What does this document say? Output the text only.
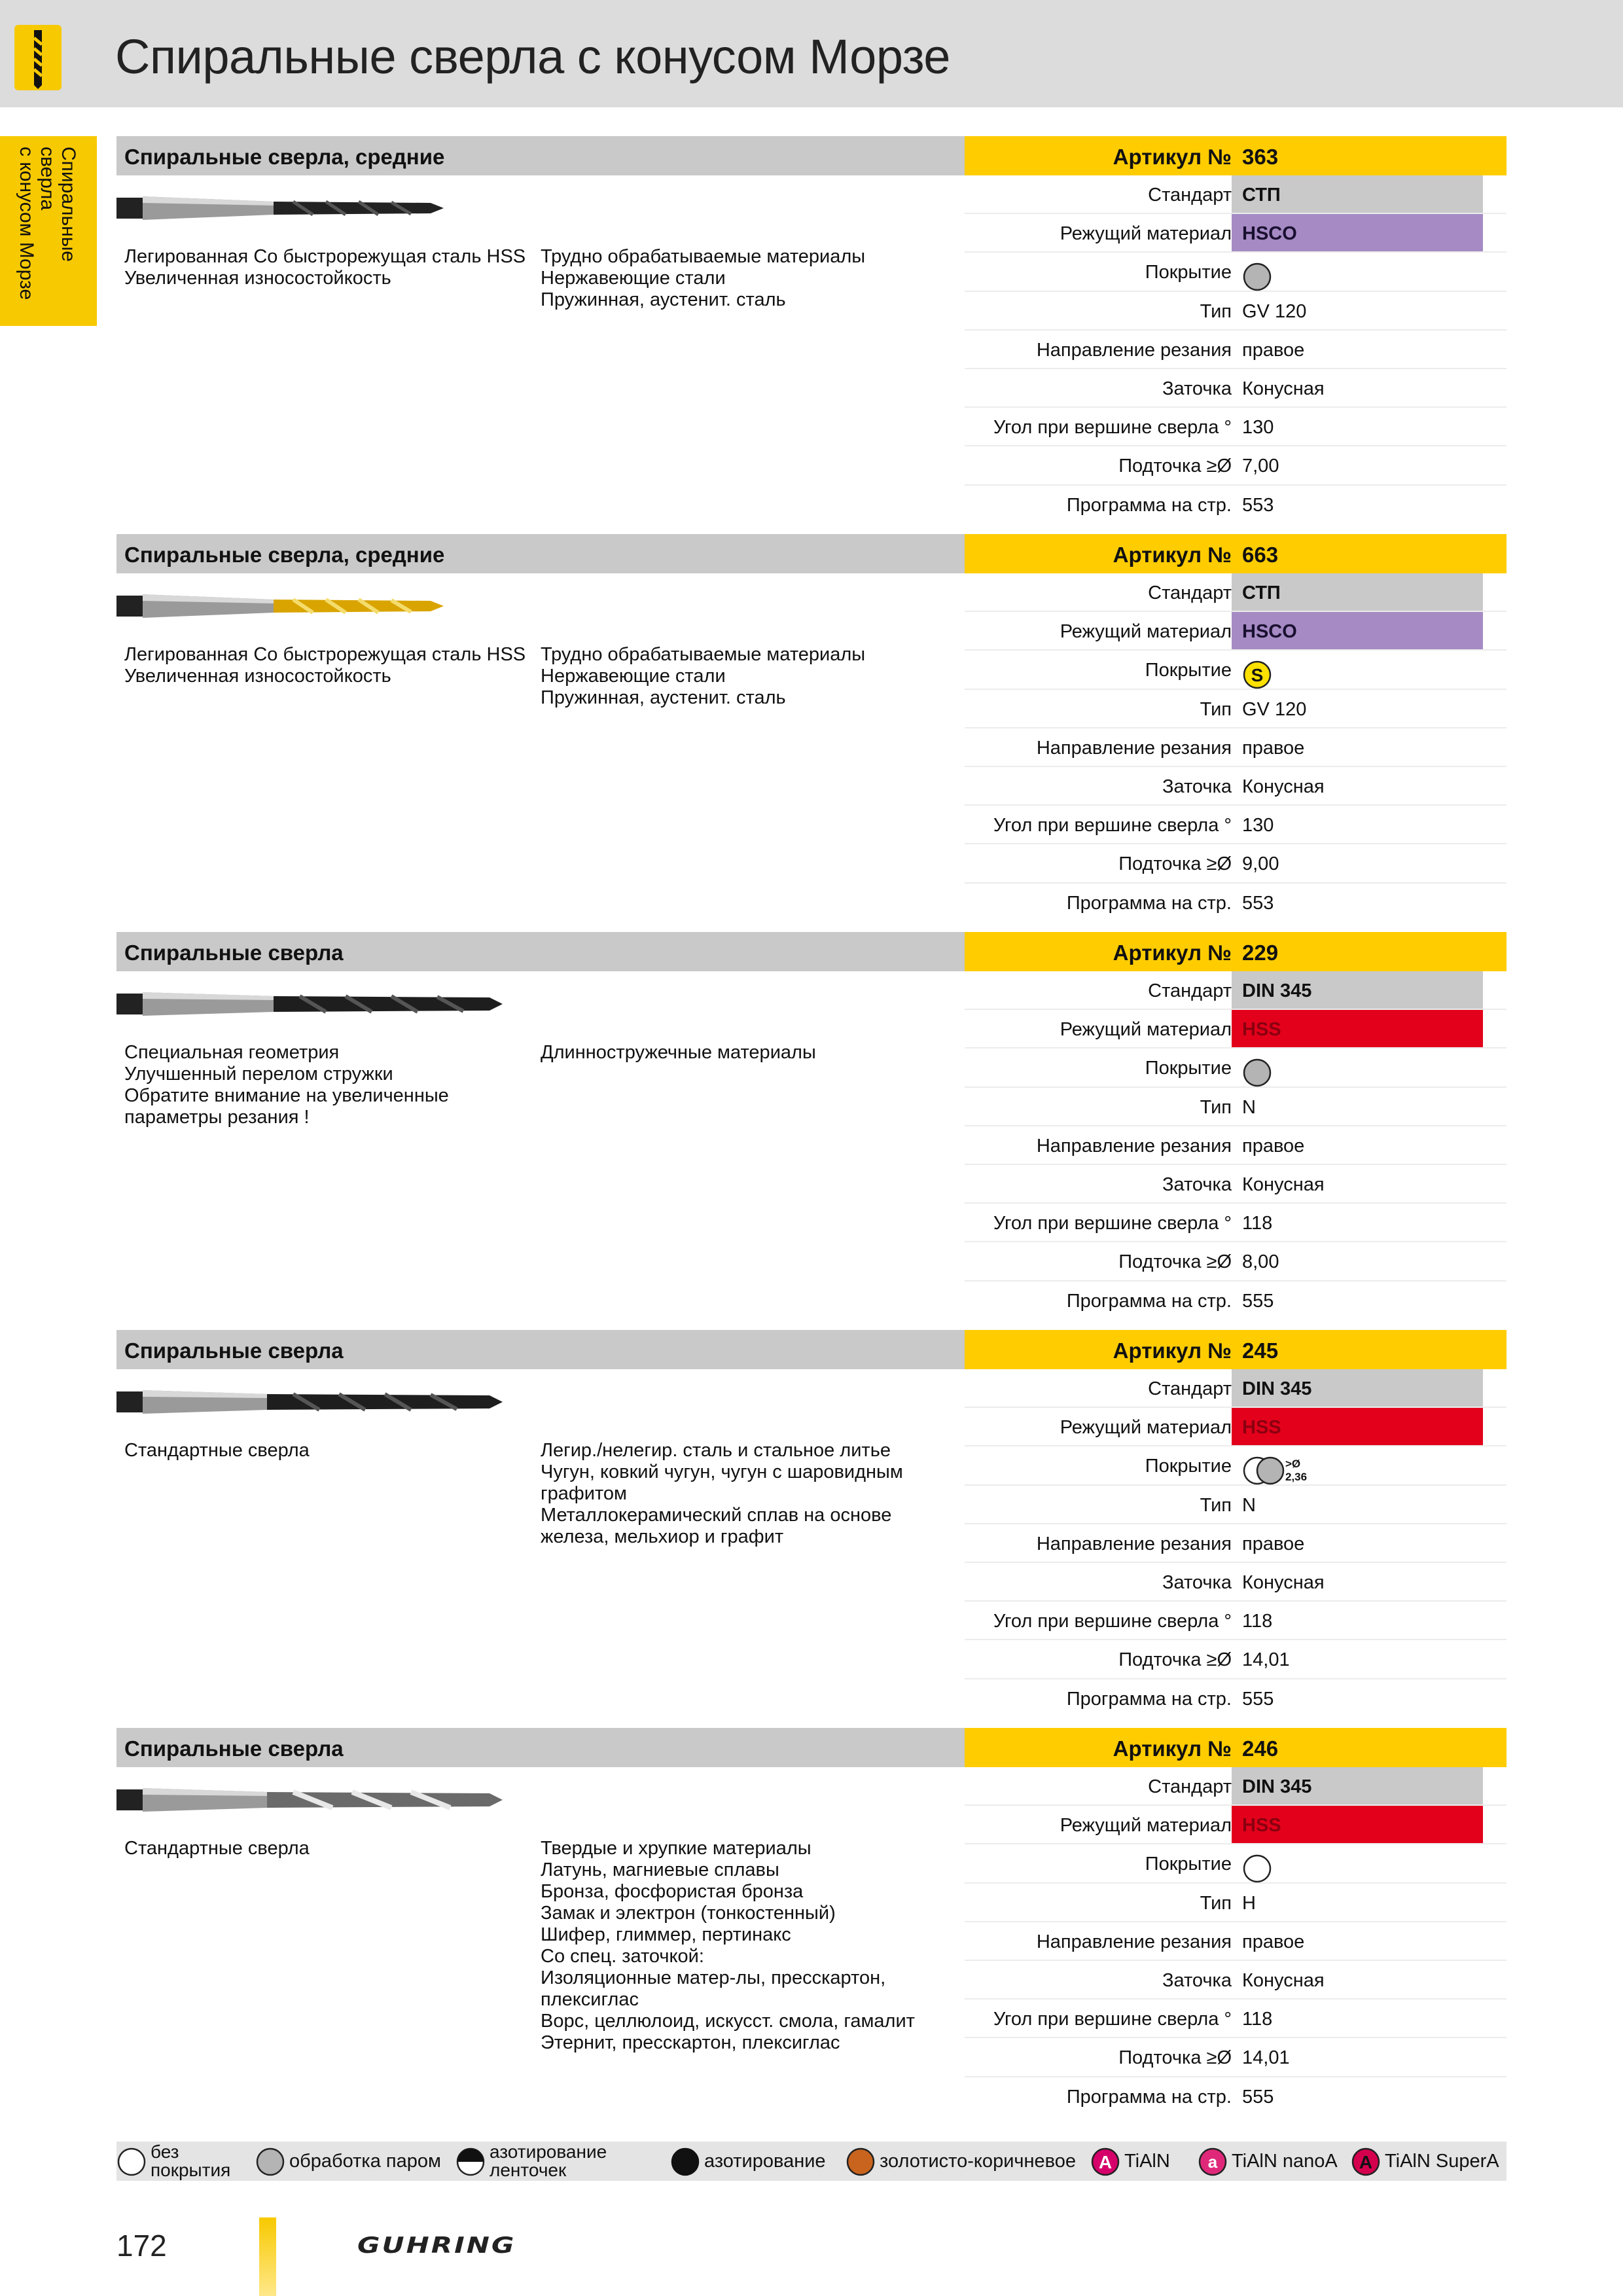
Спиральные сверла с конусом Морзе
Спиральные сверла
с конусом Морзе	Спиральные сверла, средние	Артикул № 363
Легированная Co быстрорежущая сталь HSS
Увеличенная износостойкость
Трудно обрабатываемые материалы
Нержавеющие стали
Пружинная, аустенит. сталь
Стандарт СТП
Режущий материал HSCO
Покрытие
Тип GV 120
Направление резания правое
Заточка Конусная
Угол при вершине сверла ° 130
Подточка ≥Ø 7,00
Программа на стр. 553
Спиральные сверла, средние	Артикул № 663
Легированная Co быстрорежущая сталь HSS
Увеличенная износостойкость
Трудно обрабатываемые материалы
Нержавеющие стали
Пружинная, аустенит. сталь
Стандарт СТП
Режущий материал HSCO
Покрытие S
Тип GV 120
Направление резания правое
Заточка Конусная
Угол при вершине сверла ° 130
Подточка ≥Ø 9,00
Программа на стр. 553
Спиральные сверла	Артикул № 229
Специальная геометрия
Улучшенный перелом стружки
Обратите внимание на увеличенные
параметры резания !
Длинностружечные материалы
Стандарт DIN 345
Режущий материал HSS
Покрытие
Тип N
Направление резания правое
Заточка Конусная
Угол при вершине сверла ° 118
Подточка ≥Ø 8,00
Программа на стр. 555
Спиральные сверла	Артикул № 245
Стандартные сверла	Легир./нелегир. сталь и стальное литье
Чугун, ковкий чугун, чугун с шаровидным
графитом
Металлокерамический сплав на основе
железа, мельхиор и графит
Стандарт DIN 345
Режущий материал HSS
Покрытие	>Ø
2,36
Тип N
Направление резания правое
Заточка Конусная
Угол при вершине сверла ° 118
Подточка ≥Ø 14,01
Программа на стр. 555
Спиральные сверла	Артикул № 246
Стандартные сверла	Твердые и хрупкие материалы
Латунь, магниевые сплавы
Бронза, фосфористая бронза
Замак и электрон (тонкостенный)
Шифер, глиммер, пертинакс
Со спец. заточкой:
Изоляционные матер-лы, пресскартон,
плексиглас
Ворс, целлюлоид, искусст. смола, гамалит
Этернит, пресскартон, плексиглас
Стандарт DIN 345
Режущий материал HSS
Покрытие
Тип H
Направление резания правое
Заточка Конусная
Угол при вершине сверла ° 118
Подточка ≥Ø 14,01
Программа на стр. 555
без
покрытия	обработка паром	азотирование
ленточек	азотирование	золотисто-коричневое A TiAlN a TiAlN nanoA A TiAlN SuperA
172	GUHRING
